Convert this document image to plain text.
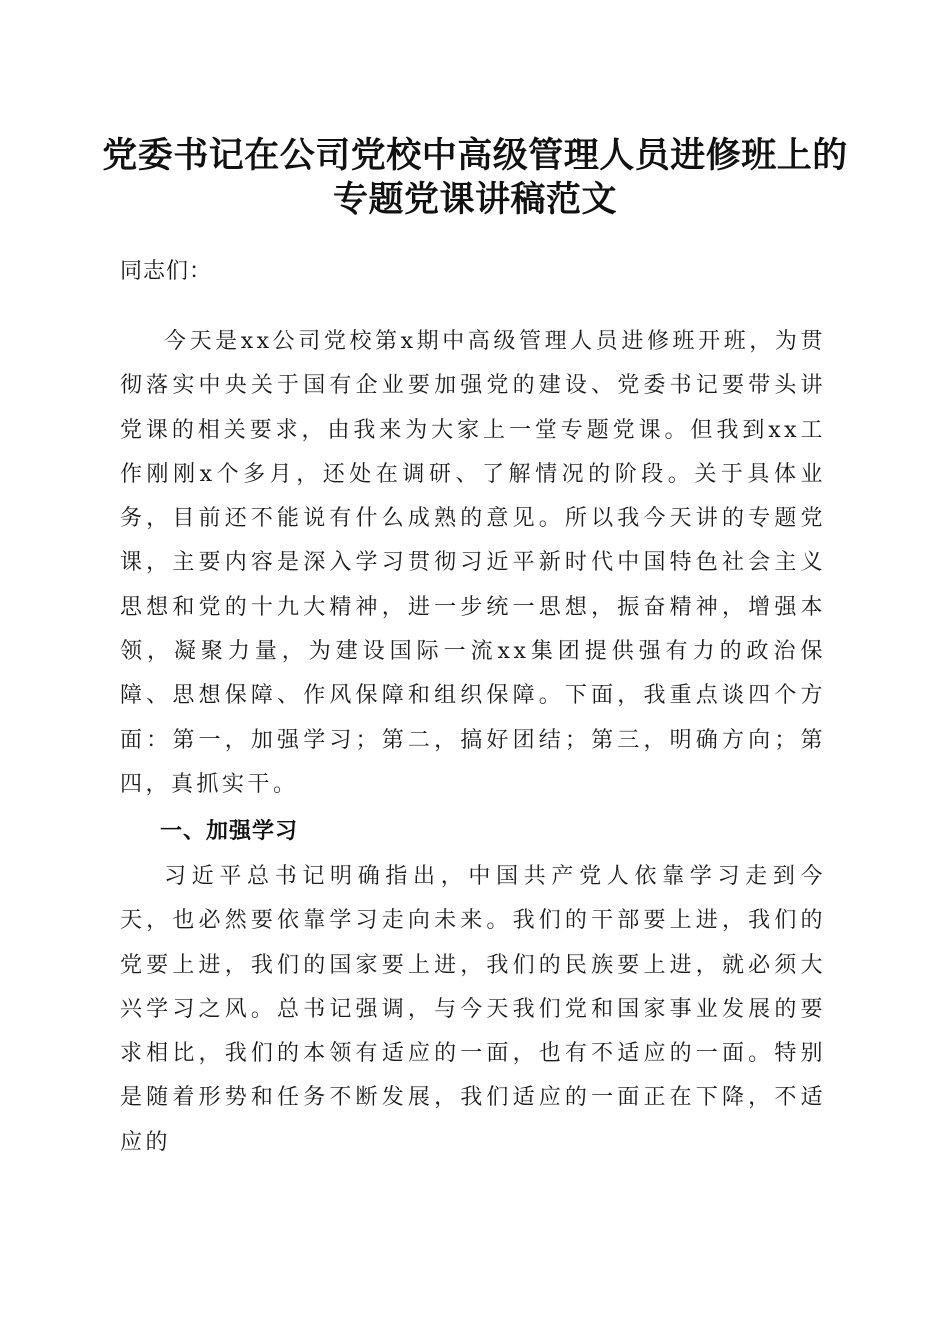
党委书记在公司党校中高级管理人员进修班上的专题党课讲稿范文

同志们：

今天是xx公司党校第x期中高级管理人员进修班开班，为贯彻落实中央关于国有企业要加强党的建设、党委书记要带头讲党课的相关要求，由我来为大家上一堂专题党课。但我到xx工作刚刚x个多月，还处在调研、了解情况的阶段。关于具体业务，目前还不能说有什么成熟的意见。所以我今天讲的专题党课，主要内容是深入学习贯彻习近平新时代中国特色社会主义思想和党的十九大精神，进一步统一思想，振奋精神，增强本领，凝聚力量，为建设国际一流xx集团提供强有力的政治保障、思想保障、作风保障和组织保障。下面，我重点谈四个方面：第一，加强学习；第二，搞好团结；第三，明确方向；第四，真抓实干。

一、加强学习

习近平总书记明确指出，中国共产党人依靠学习走到今天，也必然要依靠学习走向未来。我们的干部要上进，我们的党要上进，我们的国家要上进，我们的民族要上进，就必须大兴学习之风。总书记强调，与今天我们党和国家事业发展的要求相比，我们的本领有适应的一面，也有不适应的一面。特别是随着形势和任务不断发展，我们适应的一面正在下降，不适应的
